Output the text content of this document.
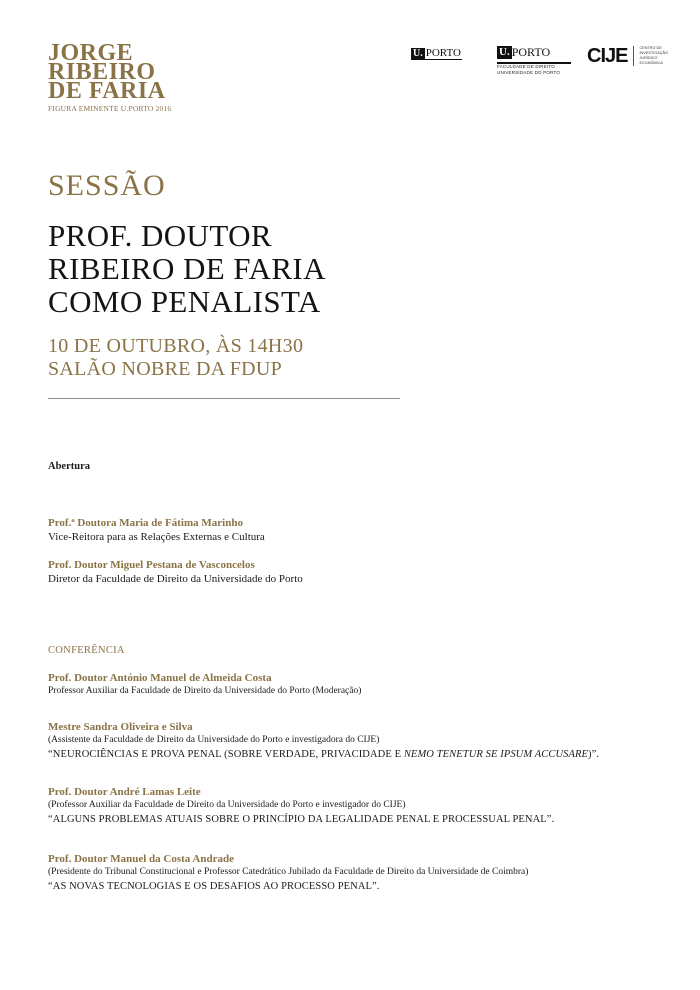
JORGE
RIBEIRO
DE FARIA
FIGURA EMINENTE U.PORTO 2016
U. PORTO	U. PORTO
FACULDADE DE DIREITO
UNIVERSIDADE DO PORTO
CIJE	CENTRO DE INVESTIGAÇÃO JURÍDICO ECONÓMICA
SESSÃO
PROF. DOUTOR
RIBEIRO DE FARIA
COMO PENALISTA
10 DE OUTUBRO, ÀS 14H30
SALÃO NOBRE DA FDUP
Abertura
Prof.ª Doutora Maria de Fátima Marinho
Vice-Reitora para as Relações Externas e Cultura
Prof. Doutor Miguel Pestana de Vasconcelos
Diretor da Faculdade de Direito da Universidade do Porto
CONFERÊNCIA
Prof. Doutor António Manuel de Almeida Costa
Professor Auxiliar da Faculdade de Direito da Universidade do Porto (Moderação)
Mestre Sandra Oliveira e Silva
(Assistente da Faculdade de Direito da Universidade do Porto e investigadora do CIJE)
“NEUROCIÊNCIAS E PROVA PENAL (SOBRE VERDADE, PRIVACIDADE E NEMO TENETUR SE IPSUM ACCUSARE)”.
Prof. Doutor André Lamas Leite
(Professor Auxiliar da Faculdade de Direito da Universidade do Porto e investigador do CIJE)
“ALGUNS PROBLEMAS ATUAIS SOBRE O PRINCÍPIO DA LEGALIDADE PENAL E PROCESSUAL PENAL”.
Prof. Doutor Manuel da Costa Andrade
(Presidente do Tribunal Constitucional e Professor Catedrático Jubilado da Faculdade de Direito da Universidade de Coimbra)
“AS NOVAS TECNOLOGIAS E OS DESAFIOS AO PROCESSO PENAL”.
